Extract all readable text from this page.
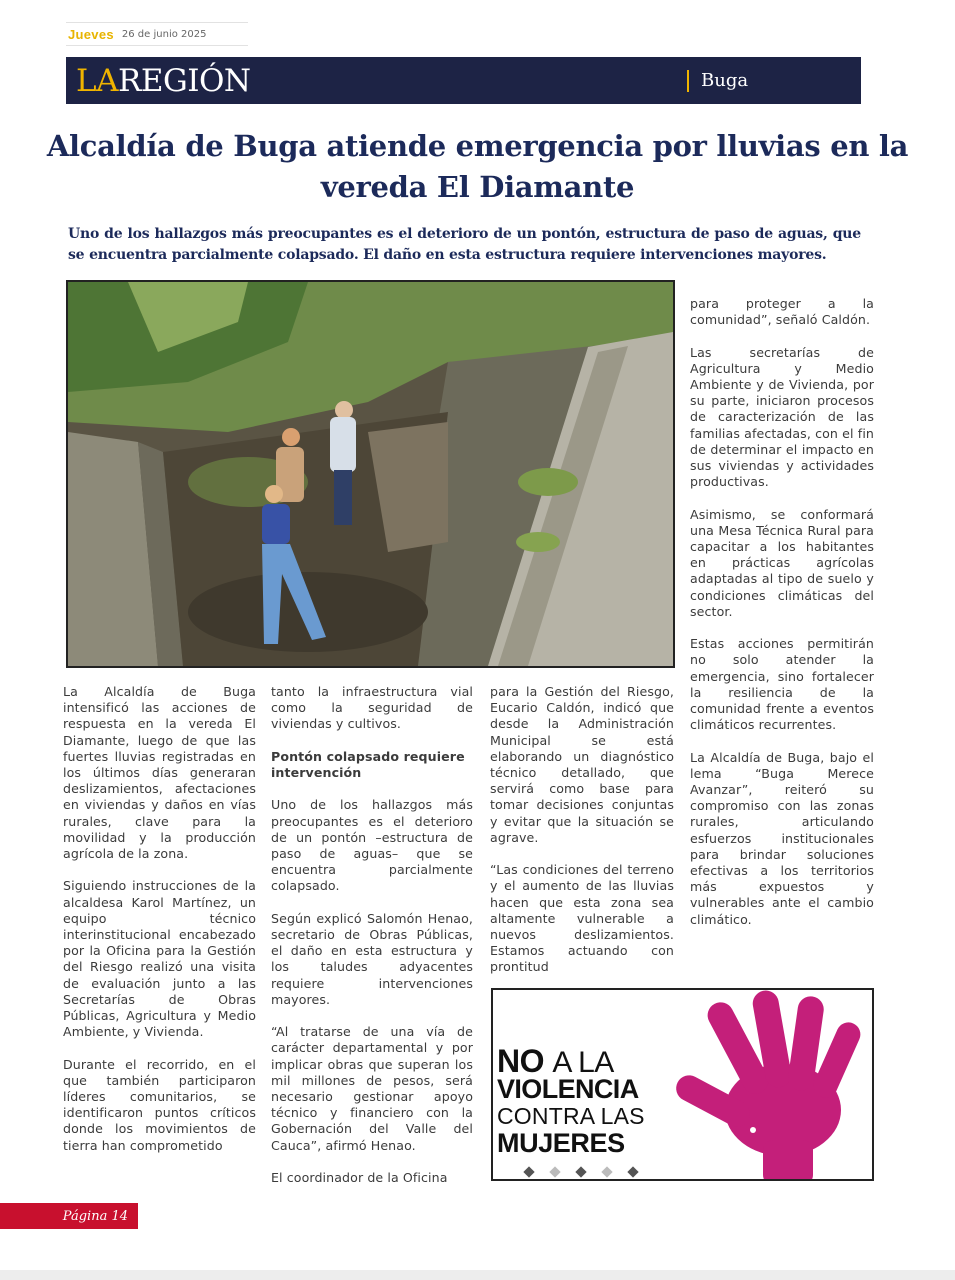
Jueves 26 de junio 2025
LAREGIÓN	Buga
Alcaldía de Buga atiende emergencia por lluvias en la vereda El Diamante

Uno de los hallazgos más preocupantes es el deterioro de un pontón, estructura de paso de aguas, que se encuentra parcialmente colapsado. El daño en esta estructura requiere intervenciones mayores.

La Alcaldía de Buga intensificó las acciones de respuesta en la vereda El Diamante, luego de que las fuertes lluvias registradas en los últimos días generaran deslizamientos, afectaciones en viviendas y daños en vías rurales, clave para la movilidad y la producción agrícola de la zona.

Siguiendo instrucciones de la alcaldesa Karol Martínez, un equipo técnico interinstitucional encabezado por la Oficina para la Gestión del Riesgo realizó una visita de evaluación junto a las Secretarías de Obras Públicas, Agricultura y Medio Ambiente, y Vivienda.

Durante el recorrido, en el que también participaron líderes comunitarios, se identificaron puntos críticos donde los movimientos de tierra han comprometido

tanto la infraestructura vial como la seguridad de viviendas y cultivos.

Pontón colapsado requiere intervención

Uno de los hallazgos más preocupantes es el deterioro de un pontón –estructura de paso de aguas– que se encuentra parcialmente colapsado.

Según explicó Salomón Henao, secretario de Obras Públicas, el daño en esta estructura y los taludes adyacentes requiere intervenciones mayores.

“Al tratarse de una vía de carácter departamental y por implicar obras que superan los mil millones de pesos, será necesario gestionar apoyo técnico y financiero con la Gobernación del Valle del Cauca”, afirmó Henao.

El coordinador de la Oficina

para la Gestión del Riesgo, Eucario Caldón, indicó que desde la Administración Municipal se está elaborando un diagnóstico técnico detallado, que servirá como base para tomar decisiones conjuntas y evitar que la situación se agrave.

“Las condiciones del terreno y el aumento de las lluvias hacen que esta zona sea altamente vulnerable a nuevos deslizamientos. Estamos actuando con prontitud

para proteger a la comunidad”, señaló Caldón.

Las secretarías de Agricultura y Medio Ambiente y de Vivienda, por su parte, iniciaron procesos de caracterización de las familias afectadas, con el fin de determinar el impacto en sus viviendas y actividades productivas.

Asimismo, se conformará una Mesa Técnica Rural para capacitar a los habitantes en prácticas agrícolas adaptadas al tipo de suelo y condiciones climáticas del sector.

Estas acciones permitirán no solo atender la emergencia, sino fortalecer la resiliencia de la comunidad frente a eventos climáticos recurrentes.

La Alcaldía de Buga, bajo el lema “Buga Merece Avanzar”, reiteró su compromiso con las zonas rurales, articulando esfuerzos institucionales para brindar soluciones efectivas a los territorios más expuestos y vulnerables ante el cambio climático.

NO A LA
VIOLENCIA
CONTRA LAS
MUJERES
Página 14
